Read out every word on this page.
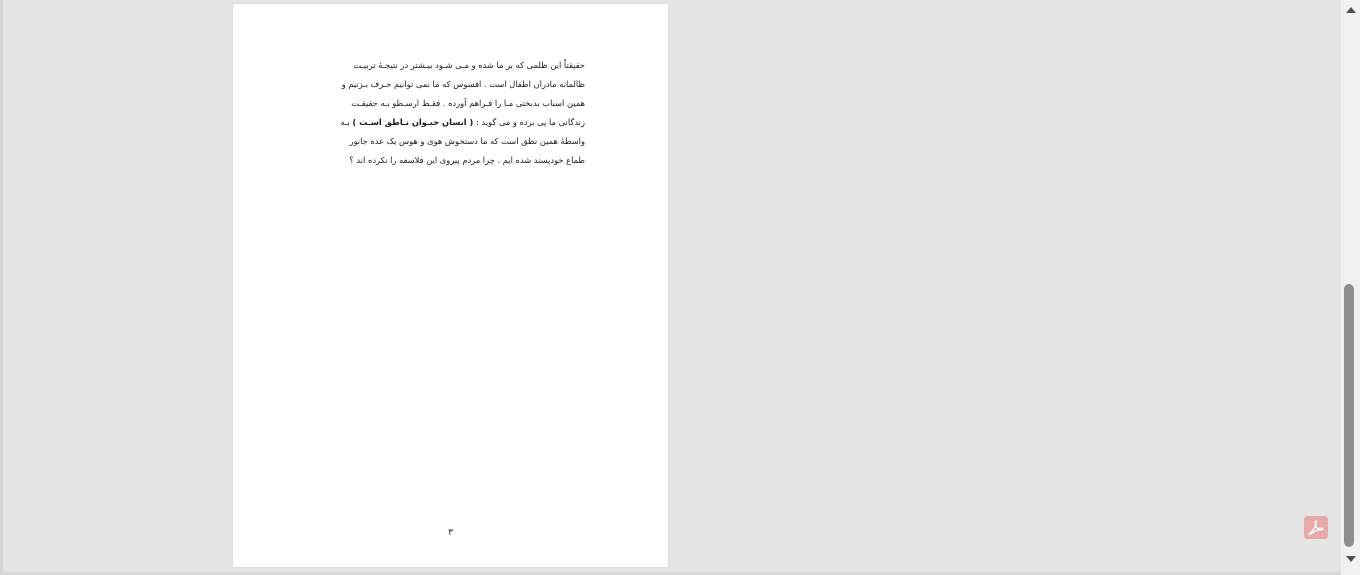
حقیقتاً این ظلمی که بر ما شده و مـی شـود بیـشتر در نتیجـهٔ تربیـت
ظالمانه مادران اطفال است . افسوس که ما نمی توانیم حـرف بـزنیم و
همین اسباب بدبختی مـا را فـراهم آورده . فقـط ارسـطو بـه حقیقـت
زندگانی ما پی برده و می گوید : ( انسان حیـوان نـاطق اسـت ) بـه
واسطهٔ همین نطق است که ما دستخوش هوی و هوس یک عده جانور
طماع خودپسند شده ایم . چرا مردم پیروی این فلاسفه را نکرده اند ؟
۳
